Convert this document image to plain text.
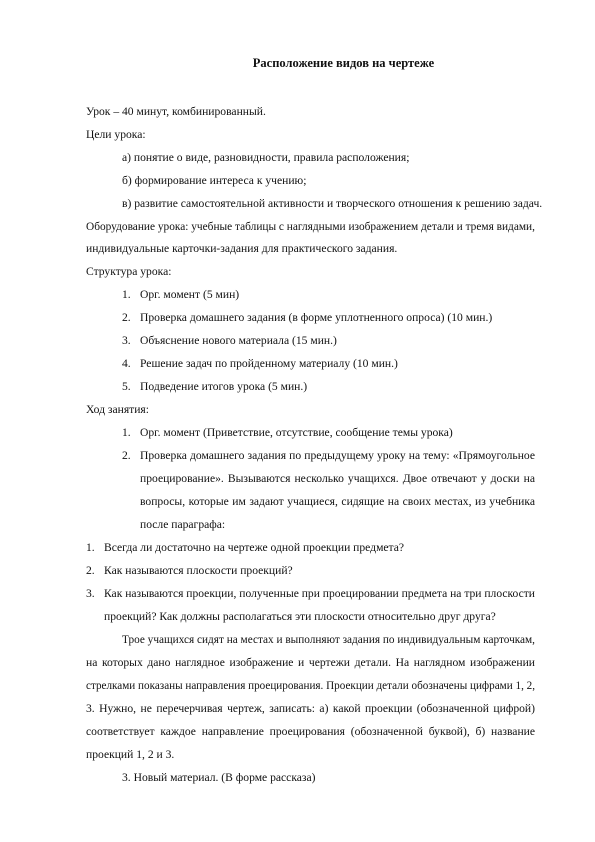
Расположение видов на чертеже
Урок – 40 минут, комбинированный.
Цели урока:
а) понятие о виде, разновидности, правила расположения;
б) формирование интереса к учению;
в) развитие самостоятельной активности и творческого отношения к решению задач.
Оборудование урока: учебные таблицы с наглядными изображением детали и тремя видами,
индивидуальные карточки-задания для практического задания.
Структура урока:
1. Орг. момент (5 мин)
2. Проверка домашнего задания (в форме уплотненного опроса) (10 мин.)
3. Объяснение нового материала (15 мин.)
4. Решение задач по пройденному материалу (10 мин.)
5. Подведение итогов урока (5 мин.)
Ход занятия:
1. Орг. момент (Приветствие, отсутствие, сообщение темы урока)
2. Проверка домашнего задания по предыдущему уроку на тему: «Прямоугольное
проецирование». Вызываются несколько учащихся. Двое отвечают у доски на
вопросы, которые им задают учащиеся, сидящие на своих местах, из учебника
после параграфа:
1. Всегда ли достаточно на чертеже одной проекции предмета?
2. Как называются плоскости проекций?
3. Как называются проекции, полученные при проецировании предмета на три плоскости
проекций? Как должны располагаться эти плоскости относительно друг друга?
Трое учащихся сидят на местах и выполняют задания по индивидуальным карточкам,
на которых дано наглядное изображение и чертежи детали. На наглядном изображении
стрелками показаны направления проецирования. Проекции детали обозначены цифрами 1, 2,
3. Нужно, не перечерчивая чертеж, записать: а) какой проекции (обозначенной цифрой)
соответствует каждое направление проецирования (обозначенной буквой), б) название
проекций 1, 2 и 3.
3. Новый материал. (В форме рассказа)
